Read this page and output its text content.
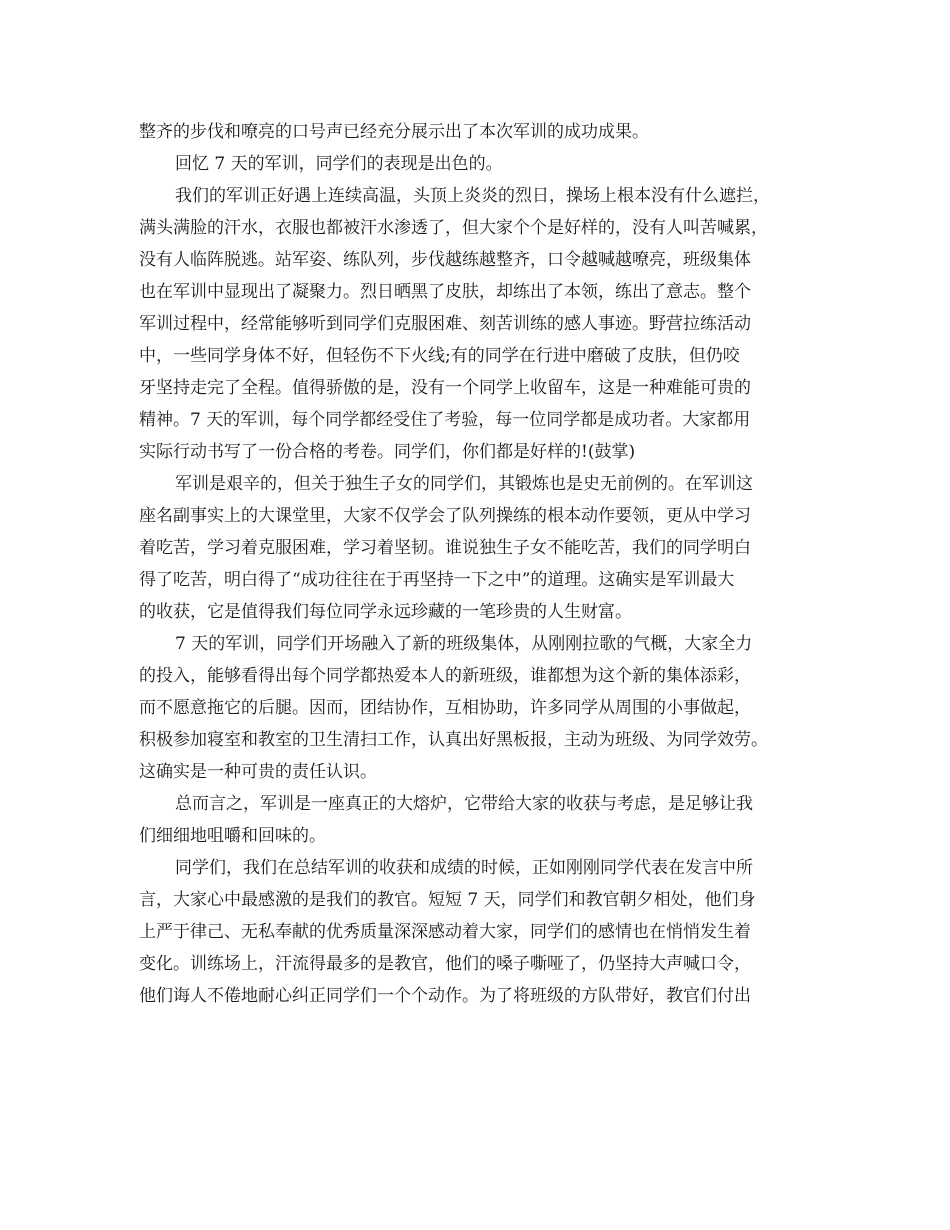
整齐的步伐和嘹亮的口号声已经充分展示出了本次军训的成功成果。
回忆 7 天的军训，同学们的表现是出色的。
我们的军训正好遇上连续高温，头顶上炎炎的烈日，操场上根本没有什么遮拦，
满头满脸的汗水，衣服也都被汗水渗透了，但大家个个是好样的，没有人叫苦喊累，
没有人临阵脱逃。站军姿、练队列，步伐越练越整齐，口令越喊越嘹亮，班级集体
也在军训中显现出了凝聚力。烈日晒黑了皮肤，却练出了本领，练出了意志。整个
军训过程中，经常能够听到同学们克服困难、刻苦训练的感人事迹。野营拉练活动
中，一些同学身体不好，但轻伤不下火线;有的同学在行进中磨破了皮肤，但仍咬
牙坚持走完了全程。值得骄傲的是，没有一个同学上收留车，这是一种难能可贵的
精神。7 天的军训，每个同学都经受住了考验，每一位同学都是成功者。大家都用
实际行动书写了一份合格的考卷。同学们，你们都是好样的!(鼓掌)
军训是艰辛的，但关于独生子女的同学们，其锻炼也是史无前例的。在军训这
座名副事实上的大课堂里，大家不仅学会了队列操练的根本动作要领，更从中学习
着吃苦，学习着克服困难，学习着坚韧。谁说独生子女不能吃苦，我们的同学明白
得了吃苦，明白得了“成功往往在于再坚持一下之中”的道理。这确实是军训最大
的收获，它是值得我们每位同学永远珍藏的一笔珍贵的人生财富。
7 天的军训，同学们开场融入了新的班级集体，从刚刚拉歌的气概，大家全力
的投入，能够看得出每个同学都热爱本人的新班级，谁都想为这个新的集体添彩，
而不愿意拖它的后腿。因而，团结协作，互相协助，许多同学从周围的小事做起，
积极参加寝室和教室的卫生清扫工作，认真出好黑板报，主动为班级、为同学效劳。
这确实是一种可贵的责任认识。
总而言之，军训是一座真正的大熔炉，它带给大家的收获与考虑，是足够让我
们细细地咀嚼和回味的。
同学们，我们在总结军训的收获和成绩的时候，正如刚刚同学代表在发言中所
言，大家心中最感激的是我们的教官。短短 7 天，同学们和教官朝夕相处，他们身
上严于律己、无私奉献的优秀质量深深感动着大家，同学们的感情也在悄悄发生着
变化。训练场上，汗流得最多的是教官，他们的嗓子嘶哑了，仍坚持大声喊口令，
他们诲人不倦地耐心纠正同学们一个个动作。为了将班级的方队带好，教官们付出
